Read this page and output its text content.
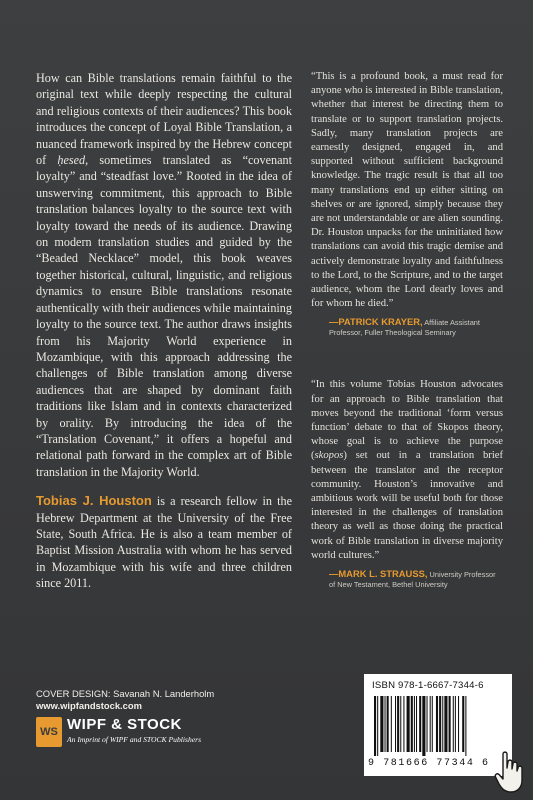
How can Bible translations remain faithful to the original text while deeply respecting the cultural and religious contexts of their audiences? This book introduces the concept of Loyal Bible Translation, a nuanced framework inspired by the Hebrew concept of ḥesed, sometimes translated as “covenant loyalty” and “steadfast love.” Rooted in the idea of unswerving commitment, this approach to Bible translation balances loyalty to the source text with loyalty toward the needs of its audience. Drawing on modern translation studies and guided by the “Beaded Necklace” model, this book weaves together historical, cultural, linguistic, and religious dynamics to ensure Bible translations resonate authentically with their audiences while maintaining loyalty to the source text. The author draws insights from his Majority World experience in Mozambique, with this approach addressing the challenges of Bible translation among diverse audiences that are shaped by dominant faith traditions like Islam and in contexts characterized by orality. By introducing the idea of the “Translation Covenant,” it offers a hopeful and relational path forward in the complex art of Bible translation in the Majority World.

Tobias J. Houston is a research fellow in the Hebrew Department at the University of the Free State, South Africa. He is also a team member of Baptist Mission Australia with whom he has served in Mozambique with his wife and three children since 2011.

“This is a profound book, a must read for anyone who is interested in Bible translation, whether that interest be directing them to translate or to support translation projects. Sadly, many translation projects are earnestly designed, engaged in, and supported without sufficient background knowledge. The tragic result is that all too many translations end up either sitting on shelves or are ignored, simply because they are not understandable or are alien sounding. Dr. Houston unpacks for the uninitiated how translations can avoid this tragic demise and actively demonstrate loyalty and faithfulness to the Lord, to the Scripture, and to the target audience, whom the Lord dearly loves and for whom he died.”

—PATRICK KRAYER, Affiliate Assistant Professor, Fuller Theological Seminary

“In this volume Tobias Houston advocates for an approach to Bible translation that moves beyond the traditional ‘form versus function’ debate to that of Skopos theory, whose goal is to achieve the purpose (skopos) set out in a translation brief between the translator and the receptor community. Houston’s innovative and ambitious work will be useful both for those interested in the challenges of translation theory as well as those doing the practical work of Bible translation in diverse majority world cultures.”

—MARK L. STRAUSS, University Professor of New Testament, Bethel University

COVER DESIGN: Savanah N. Landerholm
www.wipfandstock.com
WS WIPF & STOCK
An Imprint of WIPF and STOCK Publishers
ISBN 978-1-6667-7344-6
9 781666 77344 6
